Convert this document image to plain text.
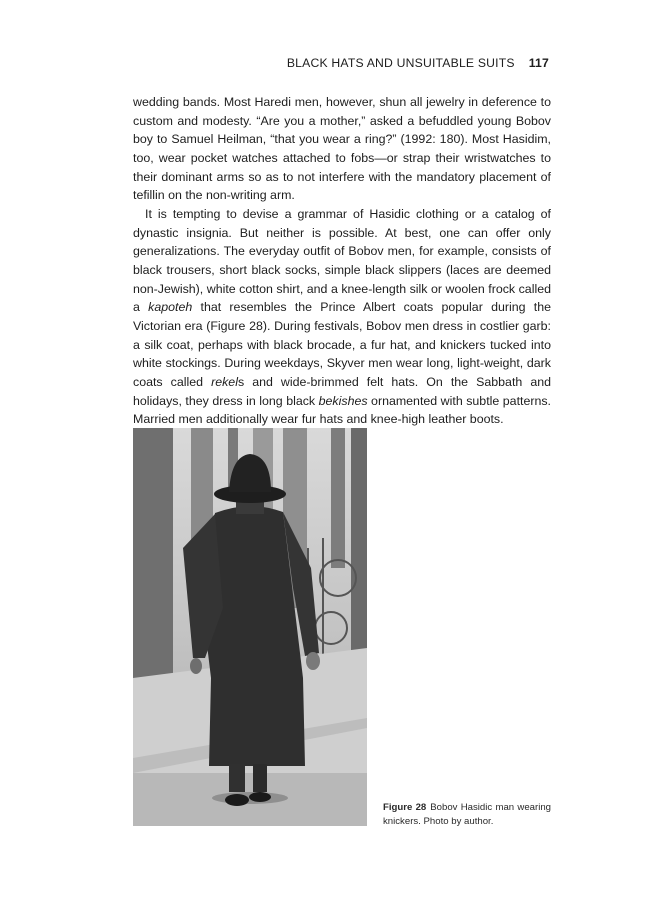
BLACK HATS AND UNSUITABLE SUITS 117

wedding bands. Most Haredi men, however, shun all jewelry in deference to custom and modesty. “Are you a mother,” asked a befuddled young Bobov boy to Samuel Heilman, “that you wear a ring?” (1992: 180). Most Hasidim, too, wear pocket watches attached to fobs—or strap their wristwatches to their dominant arms so as to not interfere with the mandatory placement of tefillin on the non-writing arm.

It is tempting to devise a grammar of Hasidic clothing or a catalog of dynastic insignia. But neither is possible. At best, one can offer only generalizations. The everyday outfit of Bobov men, for example, consists of black trousers, short black socks, simple black slippers (laces are deemed non-Jewish), white cotton shirt, and a knee-length silk or woolen frock called a kapoteh that resembles the Prince Albert coats popular during the Victorian era (Figure 28). During festivals, Bobov men dress in costlier garb: a silk coat, perhaps with black brocade, a fur hat, and knickers tucked into white stockings. During weekdays, Skyver men wear long, light-weight, dark coats called rekels and wide-brimmed felt hats. On the Sabbath and holidays, they dress in long black bekishes ornamented with subtle patterns. Married men additionally wear fur hats and knee-high leather boots.

Figure 28 Bobov Hasidic man wearing knickers. Photo by author.
